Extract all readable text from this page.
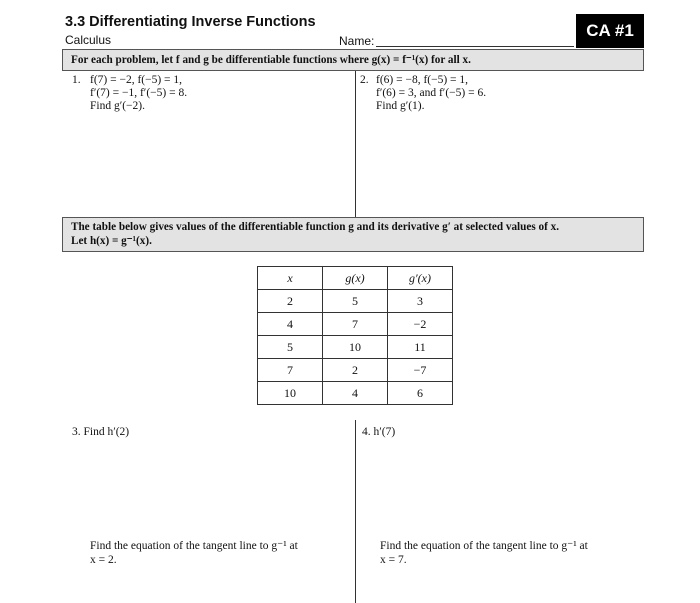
3.3 Differentiating Inverse Functions
Calculus	Name:
CA #1
For each problem, let f and g be differentiable functions where g(x) = f⁻¹(x) for all x.
1. f(7) = −2, f(−5) = 1,
f′(7) = −1, f′(−5) = 8.
Find g′(−2).
2. f(6) = −8, f(−5) = 1,
f′(6) = 3, and f′(−5) = 6.
Find g′(1).
The table below gives values of the differentiable function g and its derivative g′ at selected values of x.
Let h(x) = g⁻¹(x).
x	g(x)	g′(x)
2	5	3
4	7	−2
5	10	11
7	2	−7
10	4	6
3. Find h′(2)
Find the equation of the tangent line to g⁻¹ at
x = 2.
4. h′(7)
Find the equation of the tangent line to g⁻¹ at
x = 7.
